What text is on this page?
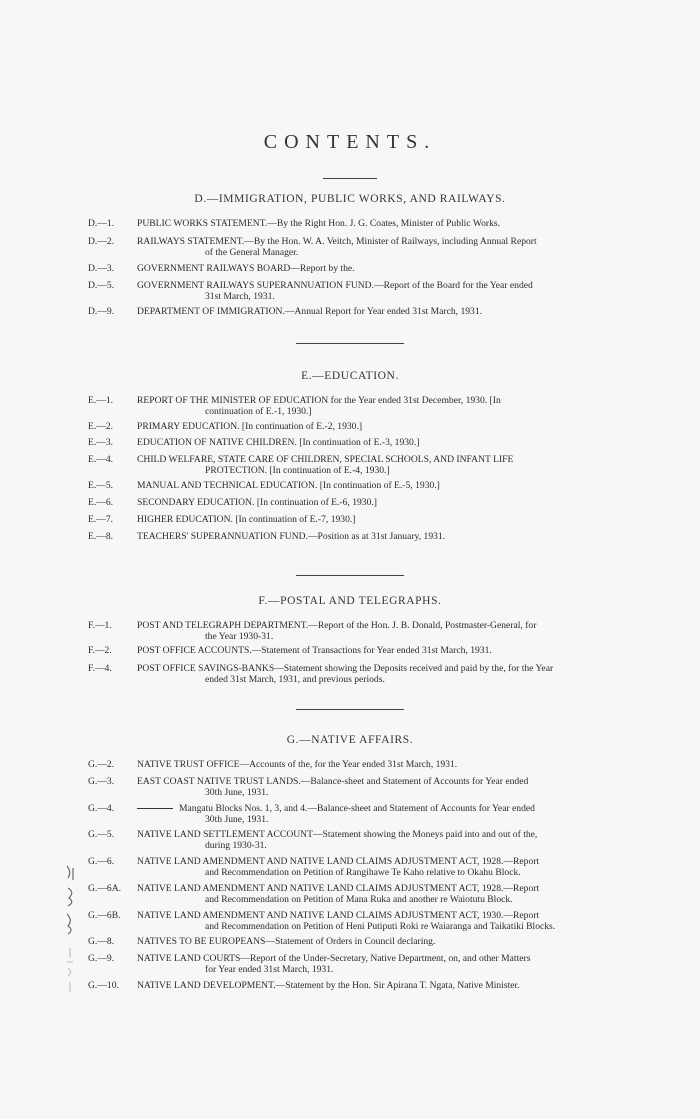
CONTENTS.
D.—IMMIGRATION, PUBLIC WORKS, AND RAILWAYS.
D.—1. PUBLIC WORKS STATEMENT.—By the Right Hon. J. G. Coates, Minister of Public Works.
D.—2. RAILWAYS STATEMENT.—By the Hon. W. A. Veitch, Minister of Railways, including Annual Report
of the General Manager.
D.—3. GOVERNMENT RAILWAYS BOARD—Report by the.
D.—5. GOVERNMENT RAILWAYS SUPERANNUATION FUND.—Report of the Board for the Year ended
31st March, 1931.
D.—9. DEPARTMENT OF IMMIGRATION.—Annual Report for Year ended 31st March, 1931.
E.—EDUCATION.
E.—1. REPORT OF THE MINISTER OF EDUCATION for the Year ended 31st December, 1930. [In
continuation of E.-1, 1930.]
E.—2. PRIMARY EDUCATION. [In continuation of E.-2, 1930.]
E.—3. EDUCATION OF NATIVE CHILDREN. [In continuation of E.-3, 1930.]
E.—4. CHILD WELFARE, STATE CARE OF CHILDREN, SPECIAL SCHOOLS, AND INFANT LIFE
PROTECTION. [In continuation of E.-4, 1930.]
E.—5. MANUAL AND TECHNICAL EDUCATION. [In continuation of E.-5, 1930.]
E.—6. SECONDARY EDUCATION. [In continuation of E.-6, 1930.]
E.—7. HIGHER EDUCATION. [In continuation of E.-7, 1930.]
E.—8. TEACHERS' SUPERANNUATION FUND.—Position as at 31st January, 1931.
F.—POSTAL AND TELEGRAPHS.
F.—1.	POST AND TELEGRAPH DEPARTMENT.—Report of the Hon. J. B. Donald, Postmaster-General, for
the Year 1930-31.
F.—2.	POST OFFICE ACCOUNTS.—Statement of Transactions for Year ended 31st March, 1931.
F.—4.	POST OFFICE SAVINGS-BANKS—Statement showing the Deposits received and paid by the, for the Year
ended 31st March, 1931, and previous periods.
G.—NATIVE AFFAIRS.
G.—2. NATIVE TRUST OFFICE—Accounts of the, for the Year ended 31st March, 1931.
G.—3. EAST COAST NATIVE TRUST LANDS.—Balance-sheet and Statement of Accounts for Year ended
30th June, 1931.
G.—4.	Mangatu Blocks Nos. 1, 3, and 4.—Balance-sheet and Statement of Accounts for Year ended
30th June, 1931.
G.—5. NATIVE LAND SETTLEMENT ACCOUNT—Statement showing the Moneys paid into and out of the,
during 1930-31.
G.—6. NATIVE LAND AMENDMENT AND NATIVE LAND CLAIMS ADJUSTMENT ACT, 1928.—Report
and Recommendation on Petition of Rangihawe Te Kaho relative to Okahu Block.
G.—6A. NATIVE LAND AMENDMENT AND NATIVE LAND CLAIMS ADJUSTMENT ACT, 1928.—Report
and Recommendation on Petition of Mana Ruka and another re Waiotutu Block.
G.—6B. NATIVE LAND AMENDMENT AND NATIVE LAND CLAIMS ADJUSTMENT ACT, 1930.—Report
and Recommendation on Petition of Heni Putiputi Roki re Waiaranga and Taikatiki Blocks.
G.—8. NATIVES TO BE EUROPEANS—Statement of Orders in Council declaring.
G.—9. NATIVE LAND COURTS—Report of the Under-Secretary, Native Department, on, and other Matters
for Year ended 31st March, 1931.
G.—10. NATIVE LAND DEVELOPMENT.—Statement by the Hon. Sir Apirana T. Ngata, Native Minister.
